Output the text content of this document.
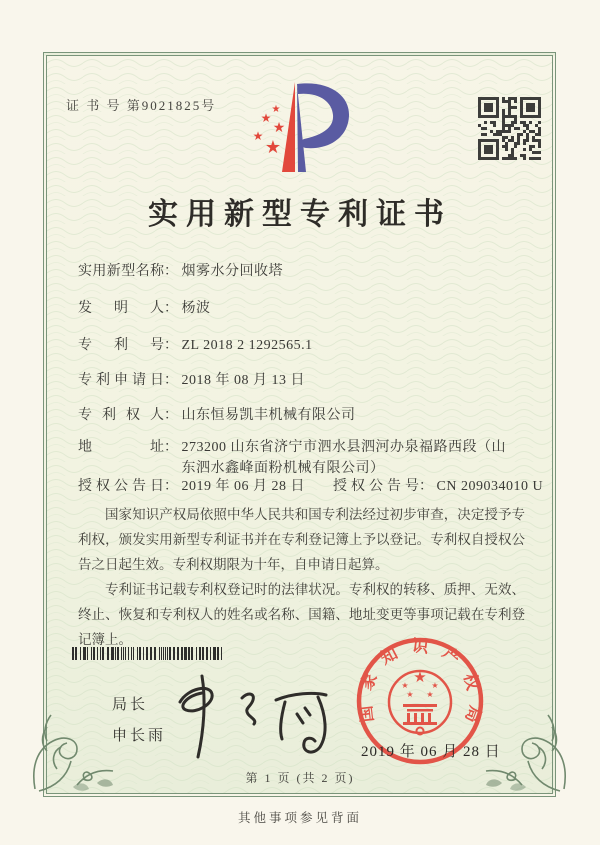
证 书 号 第9021825号	★
★
★
★
★
实用新型专利证书
实用新型名称： 烟雾水分回收塔
发明人： 杨波
专利号： ZL 2018 2 1292565.1
专利申请日： 2018 年 08 月 13 日
专利权人： 山东恒易凯丰机械有限公司
地址： 273200 山东省济宁市泗水县泗河办泉福路西段（山东泗水鑫峰面粉机械有限公司）
授权公告日： 2019 年 06 月 28 日 授权公告号： CN 209034010 U

国家知识产权局依照中华人民共和国专利法经过初步审查，决定授予专利权，颁发实用新型专利证书并在专利登记簿上予以登记。专利权自授权公告之日起生效。专利权期限为十年，自申请日起算。

专利证书记载专利权登记时的法律状况。专利权的转移、质押、无效、终止、恢复和专利权人的姓名或名称、国籍、地址变更等事项记载在专利登记簿上。

局长
申长雨
2019 年 06 月 28 日
国家知识产权局
★
★	★
★ ★
第 1 页 (共 2 页)
其他事项参见背面
